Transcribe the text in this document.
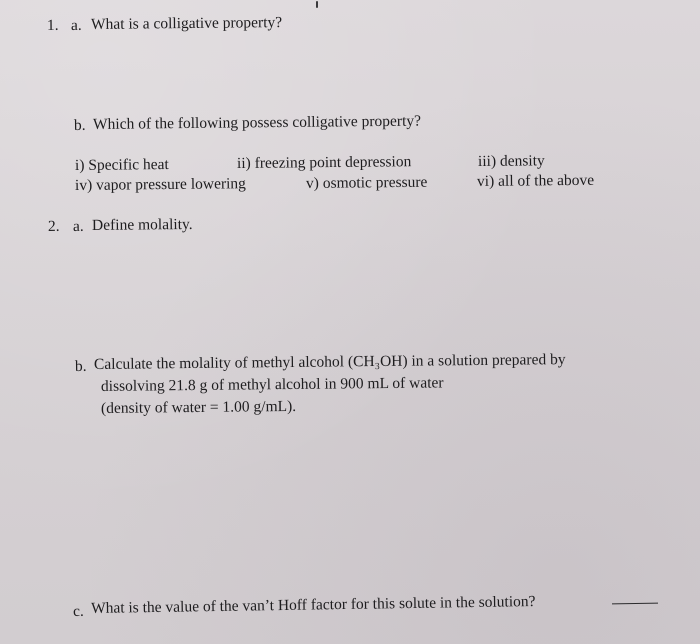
1. a. What is a colligative property?
b. Which of the following possess colligative property?
i) Specific heat	ii) freezing point depression	iii) density
iv) vapor pressure lowering	v) osmotic pressure	vi) all of the above
2. a. Define molality.
b. Calculate the molality of methyl alcohol (CH₃OH) in a solution prepared by
dissolving 21.8 g of methyl alcohol in 900 mL of water
(density of water = 1.00 g/mL).
c. What is the value of the van’t Hoff factor for this solute in the solution?
